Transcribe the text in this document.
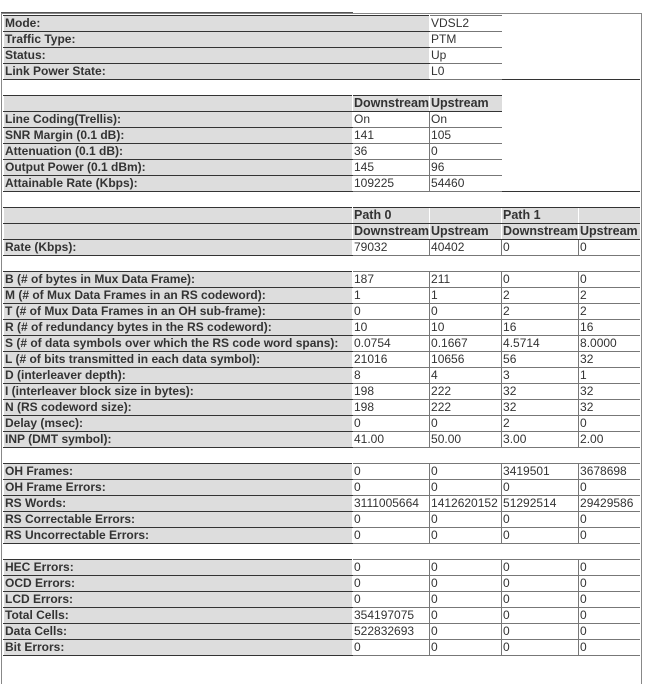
Mode:		VDSL2		
Traffic Type:		PTM		
Status:		Up		
Link Power State:		L0		

	Downstream	Upstream		
Line Coding(Trellis):	On	On		
SNR Margin (0.1 dB):	141	105		
Attenuation (0.1 dB):	36	0		
Output Power (0.1 dBm):	145	96		
Attainable Rate (Kbps):	109225	54460		

	Path 0		Path 1	
	Downstream	Upstream	Downstream	Upstream
Rate (Kbps):	79032	40402	0	0

B (# of bytes in Mux Data Frame):	187	211	0	0
M (# of Mux Data Frames in an RS codeword):	1	1	2	2
T (# of Mux Data Frames in an OH sub-frame):	0	0	2	2
R (# of redundancy bytes in the RS codeword):	10	10	16	16
S (# of data symbols over which the RS code word spans):	0.0754	0.1667	4.5714	8.0000
L (# of bits transmitted in each data symbol):	21016	10656	56	32
D (interleaver depth):	8	4	3	1
I (interleaver block size in bytes):	198	222	32	32
N (RS codeword size):	198	222	32	32
Delay (msec):	0	0	2	0
INP (DMT symbol):	41.00	50.00	3.00	2.00

OH Frames:	0	0	3419501	3678698
OH Frame Errors:	0	0	0	0
RS Words:	3111005664	1412620152	51292514	29429586
RS Correctable Errors:	0	0	0	0
RS Uncorrectable Errors:	0	0	0	0

HEC Errors:	0	0	0	0
OCD Errors:	0	0	0	0
LCD Errors:	0	0	0	0
Total Cells:	354197075	0	0	0
Data Cells:	522832693	0	0	0
Bit Errors:	0	0	0	0
